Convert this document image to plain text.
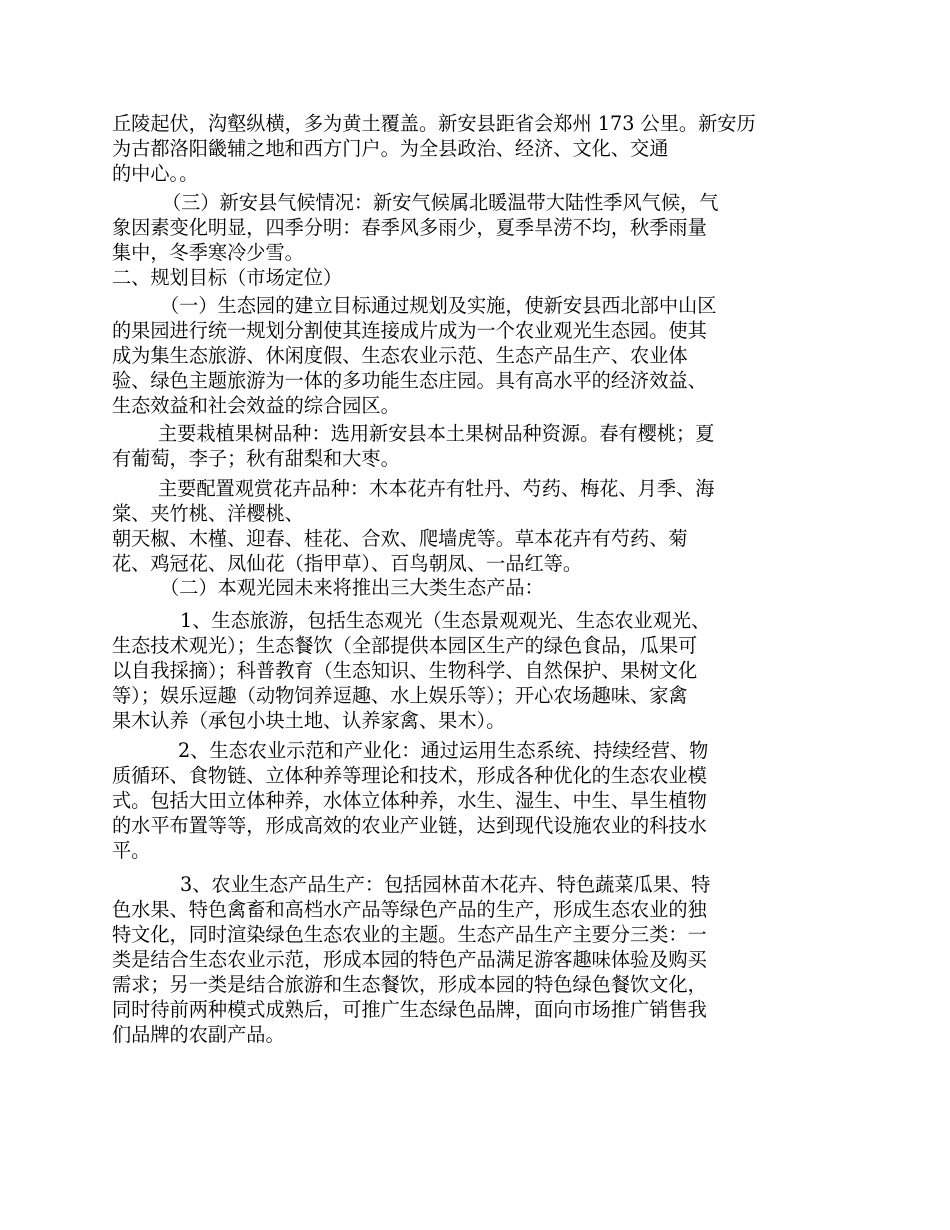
丘陵起伏，沟壑纵横，多为黄土覆盖。新安县距省会郑州 173 公里。新安历
为古都洛阳畿辅之地和西方门户。为全县政治、经济、文化、交通
的中心。。
（三）新安县气候情况：新安气候属北暖温带大陆性季风气候，气
象因素变化明显，四季分明：春季风多雨少，夏季旱涝不均，秋季雨量
集中，冬季寒冷少雪。
二、规划目标（市场定位）
（一）生态园的建立目标通过规划及实施，使新安县西北部中山区
的果园进行统一规划分割使其连接成片成为一个农业观光生态园。使其
成为集生态旅游、休闲度假、生态农业示范、生态产品生产、农业体
验、绿色主题旅游为一体的多功能生态庄园。具有高水平的经济效益、
生态效益和社会效益的综合园区。
主要栽植果树品种：选用新安县本土果树品种资源。春有樱桃；夏
有葡萄，李子；秋有甜梨和大枣。
主要配置观赏花卉品种：木本花卉有牡丹、芍药、梅花、月季、海
棠、夹竹桃、洋樱桃、
朝天椒、木槿、迎春、桂花、合欢、爬墙虎等。草本花卉有芍药、菊
花、鸡冠花、凤仙花（指甲草）、百鸟朝凤、一品红等。
（二）本观光园未来将推出三大类生态产品：
1、生态旅游，包括生态观光（生态景观观光、生态农业观光、
生态技术观光）；生态餐饮（全部提供本园区生产的绿色食品，瓜果可
以自我採摘）；科普教育（生态知识、生物科学、自然保护、果树文化
等）；娱乐逗趣（动物饲养逗趣、水上娱乐等）；开心农场趣味、家禽
果木认养（承包小块土地、认养家禽、果木）。
2、生态农业示范和产业化：通过运用生态系统、持续经营、物
质循环、食物链、立体种养等理论和技术，形成各种优化的生态农业模
式。包括大田立体种养，水体立体种养，水生、湿生、中生、旱生植物
的水平布置等等，形成高效的农业产业链，达到现代设施农业的科技水
平。
3、农业生态产品生产：包括园林苗木花卉、特色蔬菜瓜果、特
色水果、特色禽畜和高档水产品等绿色产品的生产，形成生态农业的独
特文化，同时渲染绿色生态农业的主题。生态产品生产主要分三类：一
类是结合生态农业示范，形成本园的特色产品满足游客趣味体验及购买
需求；另一类是结合旅游和生态餐饮，形成本园的特色绿色餐饮文化，
同时待前两种模式成熟后，可推广生态绿色品牌，面向市场推广销售我
们品牌的农副产品。
